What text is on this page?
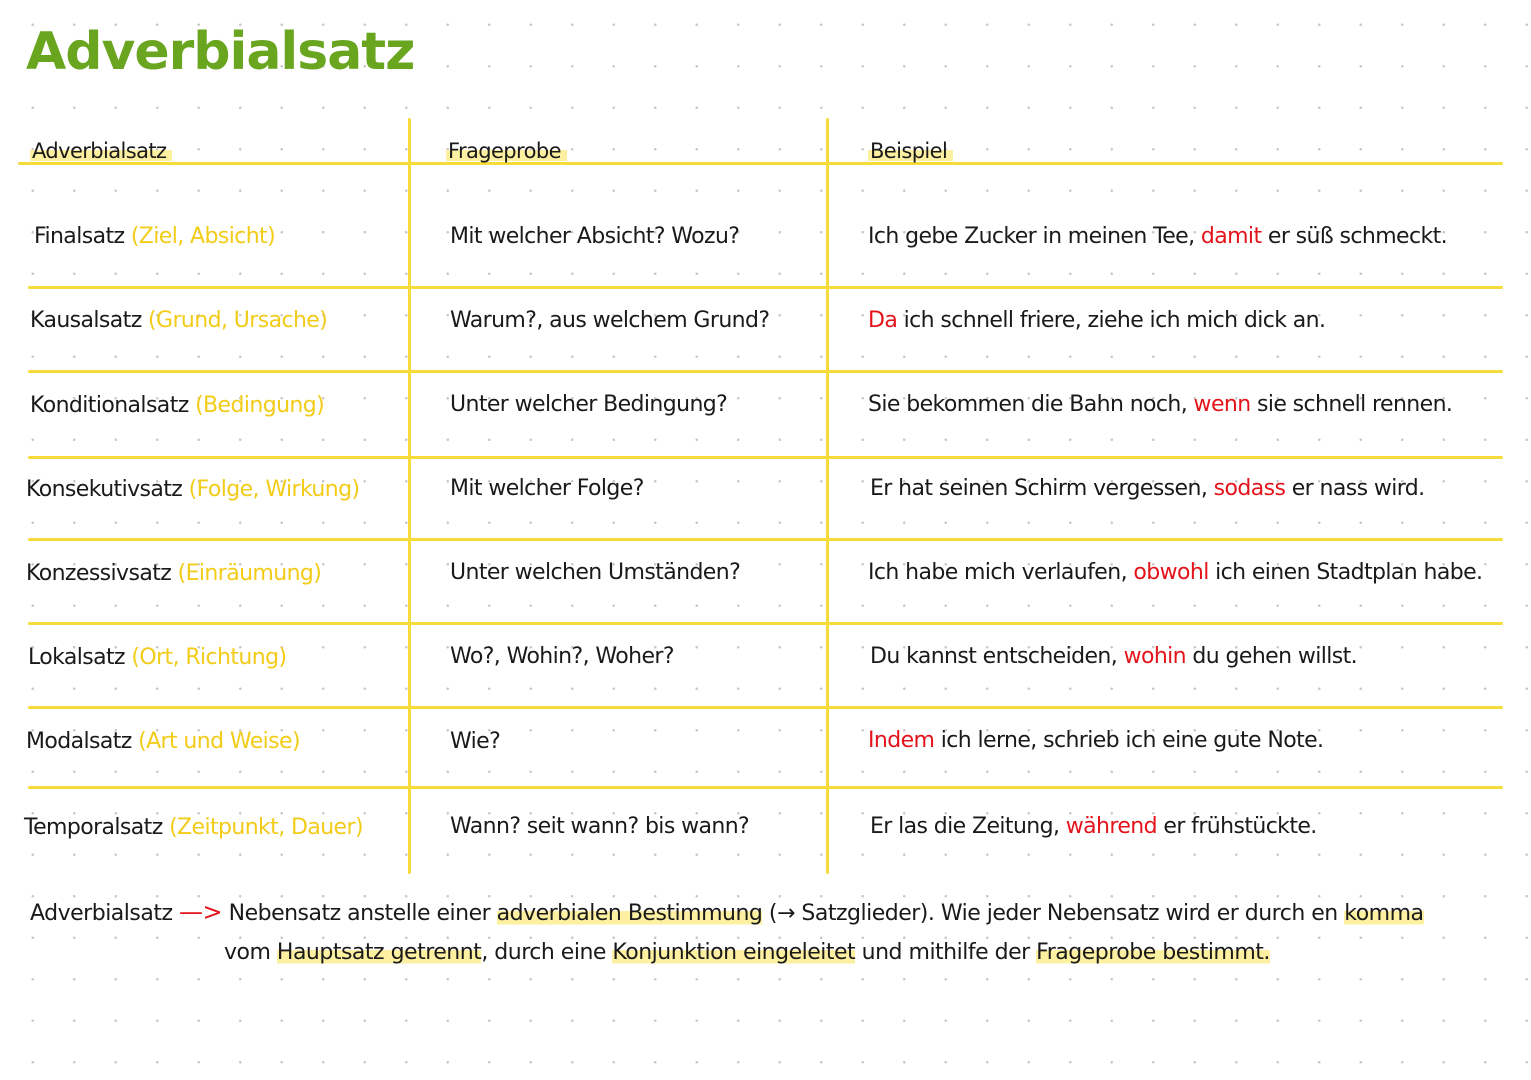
Adverbialsatz
Adverbialsatz	Frageprobe	Beispiel
Finalsatz (Ziel, Absicht)	Mit welcher Absicht? Wozu?	Ich gebe Zucker in meinen Tee, damit er süß schmeckt.
Kausalsatz (Grund, Ursache)	Warum?, aus welchem Grund?	Da ich schnell friere, ziehe ich mich dick an.
Konditionalsatz (Bedingung)	Unter welcher Bedingung?	Sie bekommen die Bahn noch, wenn sie schnell rennen.
Konsekutivsatz (Folge, Wirkung)	Mit welcher Folge?	Er hat seinen Schirm vergessen, sodass er nass wird.
Konzessivsatz (Einräumung)	Unter welchen Umständen?	Ich habe mich verlaufen, obwohl ich einen Stadtplan habe.
Lokalsatz (Ort, Richtung)	Wo?, Wohin?, Woher?	Du kannst entscheiden, wohin du gehen willst.
Modalsatz (Art und Weise)	Wie?	Indem ich lerne, schrieb ich eine gute Note.
Temporalsatz (Zeitpunkt, Dauer)	Wann? seit wann? bis wann?	Er las die Zeitung, während er frühstückte.
Adverbialsatz —> Nebensatz anstelle einer adverbialen Bestimmung (→ Satzglieder). Wie jeder Nebensatz wird er durch en komma
vom Hauptsatz getrennt, durch eine Konjunktion eingeleitet und mithilfe der Frageprobe bestimmt.
